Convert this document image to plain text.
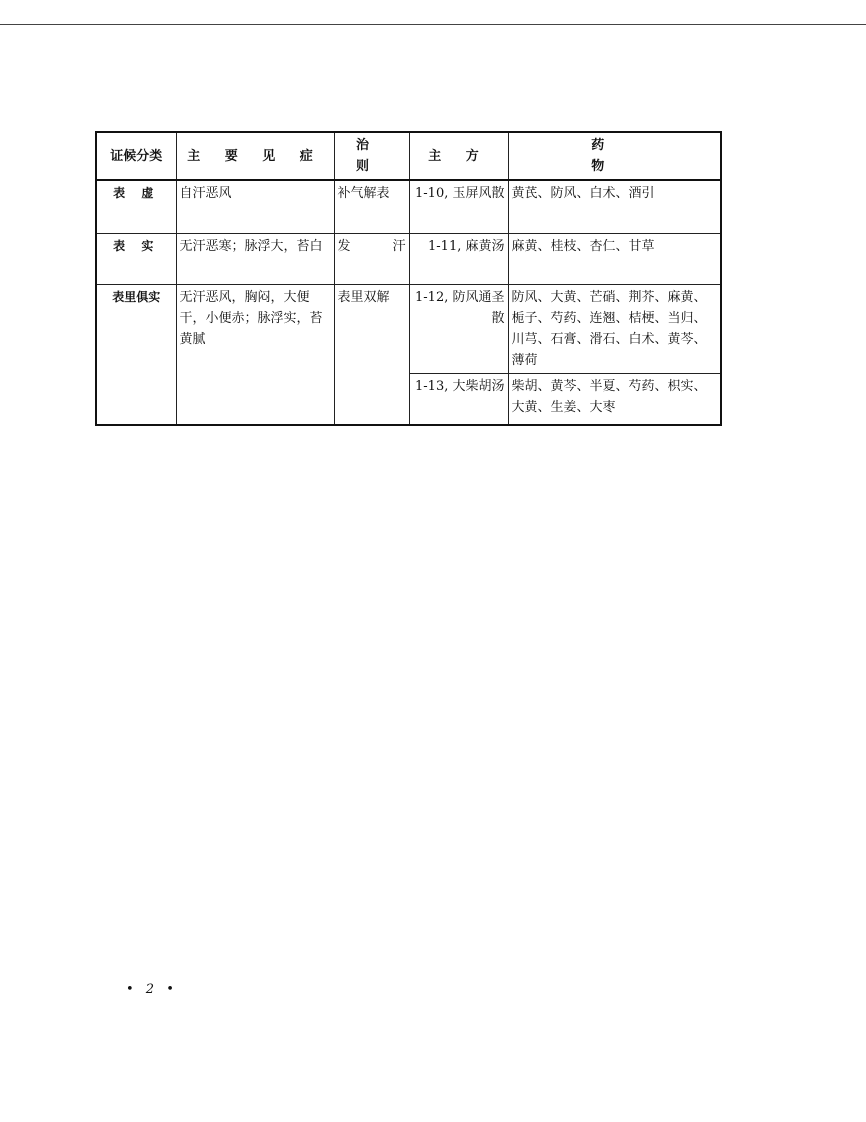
证候分类	主 要 见 症	治 则	主 方	药 物
表 虚	自汗恶风	补气解表	1-10, 玉屏风散	黄芪、防风、白术、酒引
表 实	无汗恶寒；脉浮大，苔白	发 汗	1-11, 麻黄汤	麻黄、桂枝、杏仁、甘草
表里俱实	无汗恶风，胸闷，大便干，小便赤；脉浮实，苔黄腻	表里双解	1-12, 防风通圣散	防风、大黄、芒硝、荆芥、麻黄、栀子、芍药、连翘、桔梗、当归、川芎、石膏、滑石、白术、黄芩、薄荷
			1-13, 大柴胡汤	柴胡、黄芩、半夏、芍药、枳实、大黄、生姜、大枣
• 2 •
